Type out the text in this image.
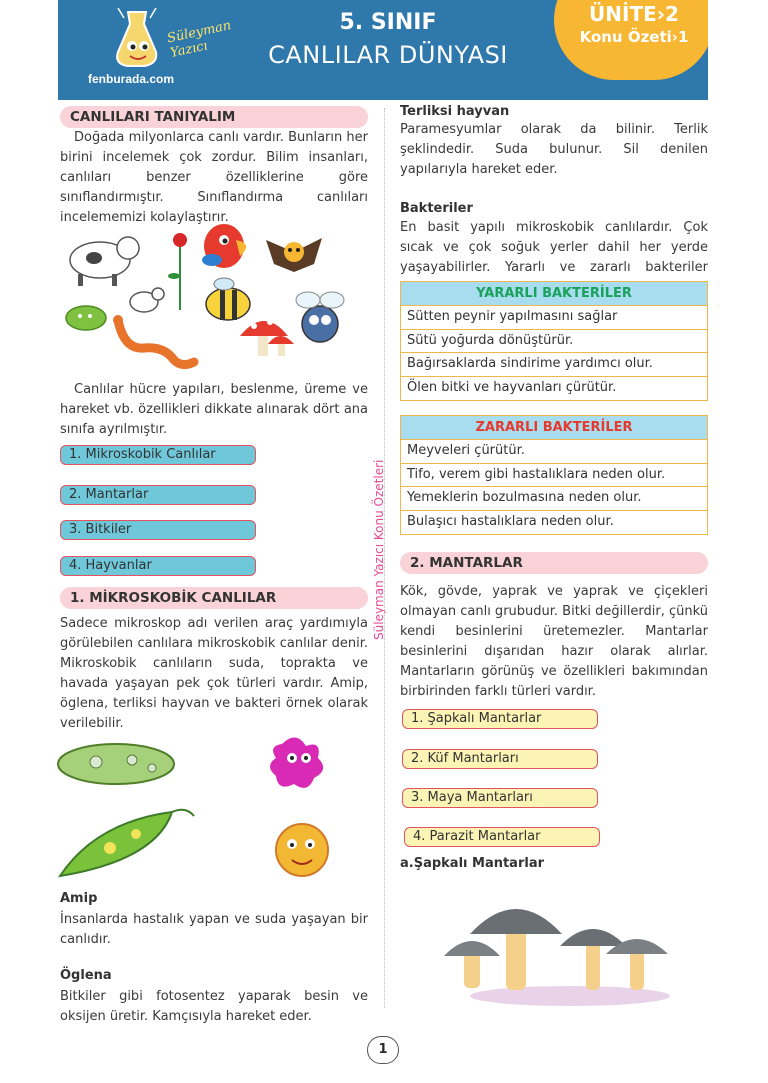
Süleyman Yazıcı
fenburada.com
5. SINIF
CANLILAR DÜNYASI
ÜNİTE›2
Konu Özeti›1
CANLILARI TANIYALIM
Doğada milyonlarca canlı vardır. Bunların her birini incelemek çok zordur. Bilim insanları, canlıları benzer özelliklerine göre sınıflandırmıştır. Sınıflandırma canlıları incelememizi kolaylaştırır.
Canlılar hücre yapıları, beslenme, üreme ve hareket vb. özellikleri dikkate alınarak dört ana sınıfa ayrılmıştır.
1. Mikroskobik Canlılar
2. Mantarlar
3. Bitkiler
4. Hayvanlar
1. MİKROSKOBİK CANLILAR
Sadece mikroskop adı verilen araç yardımıyla görülebilen canlılara mikroskobik canlılar denir. Mikroskobik canlıların suda, toprakta ve havada yaşayan pek çok türleri vardır. Amip, öglena, terliksi hayvan ve bakteri örnek olarak verilebilir.
Amip
İnsanlarda hastalık yapan ve suda yaşayan bir canlıdır.
Öglena
Bitkiler gibi fotosentez yaparak besin ve oksijen üretir. Kamçısıyla hareket eder.
Süleyman Yazıcı Konu Özetleri
Terliksi hayvan
Paramesyumlar olarak da bilinir. Terlik şeklindedir. Suda bulunur. Sil denilen yapılarıyla hareket eder.
Bakteriler
En basit yapılı mikroskobik canlılardır. Çok sıcak ve çok soğuk yerler dahil her yerde yaşayabilirler. Yararlı ve zararlı bakteriler
YARARLI BAKTERİLER
Sütten peynir yapılmasını sağlar
Sütü yoğurda dönüştürür.
Bağırsaklarda sindirime yardımcı olur.
Ölen bitki ve hayvanları çürütür.
ZARARLI BAKTERİLER
Meyveleri çürütür.
Tifo, verem gibi hastalıklara neden olur.
Yemeklerin bozulmasına neden olur.
Bulaşıcı hastalıklara neden olur.
2. MANTARLAR
Kök, gövde, yaprak ve yaprak ve çiçekleri olmayan canlı grubudur. Bitki değillerdir, çünkü kendi besinlerini üretemezler. Mantarlar besinlerini dışarıdan hazır olarak alırlar. Mantarların görünüş ve özellikleri bakımından birbirinden farklı türleri vardır.
1. Şapkalı Mantarlar
2. Küf Mantarları
3. Maya Mantarları
4. Parazit Mantarlar
a.Şapkalı Mantarlar
1
